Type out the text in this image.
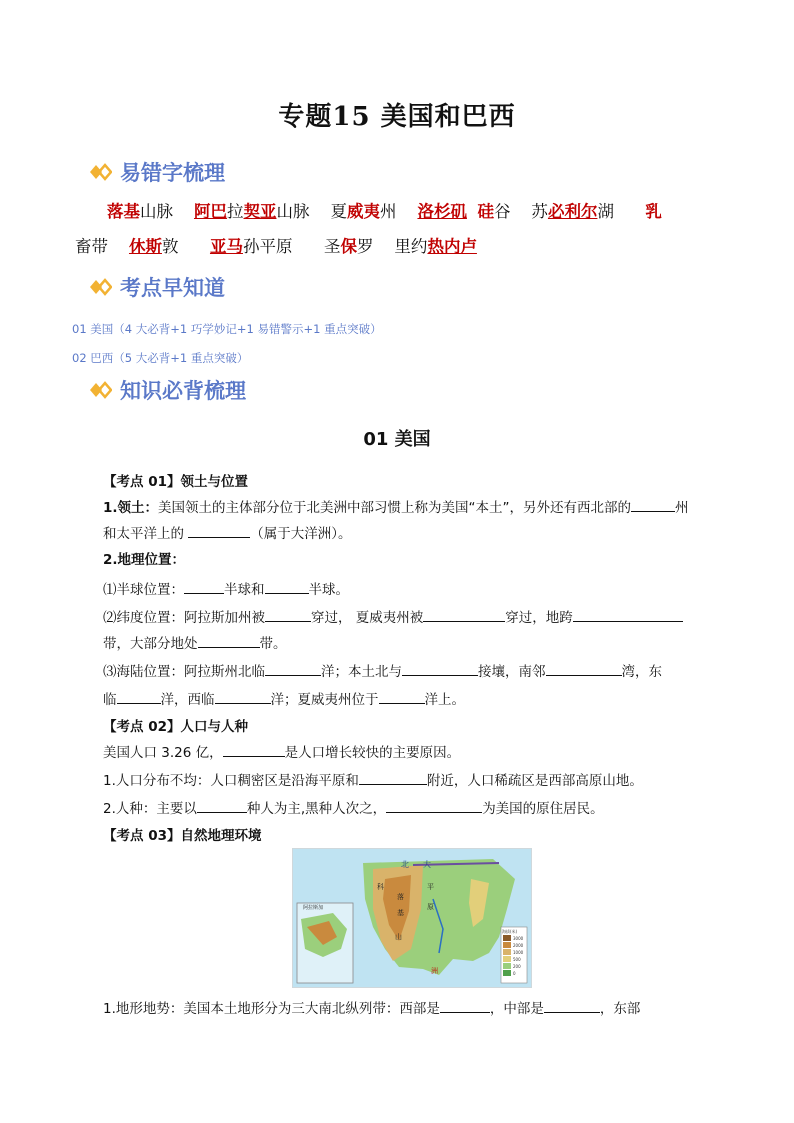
专题15 美国和巴西
易错字梳理
落基山脉 阿巴拉契亚山脉    夏威夷州    洛杉矶 硅谷    苏必利尔湖      乳
畜带    休斯敦      亚马孙平原      圣保罗    里约热内卢
考点早知道
01 美国（4 大必背+1 巧学妙记+1 易错警示+1 重点突破）
02 巴西（5 大必背+1 重点突破）
知识必背梳理
01 美国
【考点 01】领土与位置
1.领土：美国领土的主体部分位于北美洲中部习惯上称为美国“本土”，另外还有西北部的	州
和太平洋上的	（属于大洋洲）。
2.地理位置：
⑴半球位置：	半球和	半球。
⑵纬度位置：阿拉斯加州被	穿过， 夏威夷州被	穿过，地跨
带，大部分地处	带。
⑶海陆位置：阿拉斯州北临	洋；本土北与	接壤，南邻	湾，东
临	洋，西临	洋；夏威夷州位于	洋上。
【考点 02】人口与人种
美国人口 3.26 亿，	是人口增长较快的主要原因。
1.人口分布不均：人口稠密区是沿海平原和	附近，人口稀疏区是西部高原山地。
2.人种：主要以	种人为主,黑种人次之，	为美国的原住居民。
【考点 03】自然地理环境
海拔(米)
3000
2000
1000
500
200
0
北 大
科
落
基
平
原
山
阿拉斯加
洲
1.地形地势：美国本土地形分为三大南北纵列带：西部是	，中部是	，东部
